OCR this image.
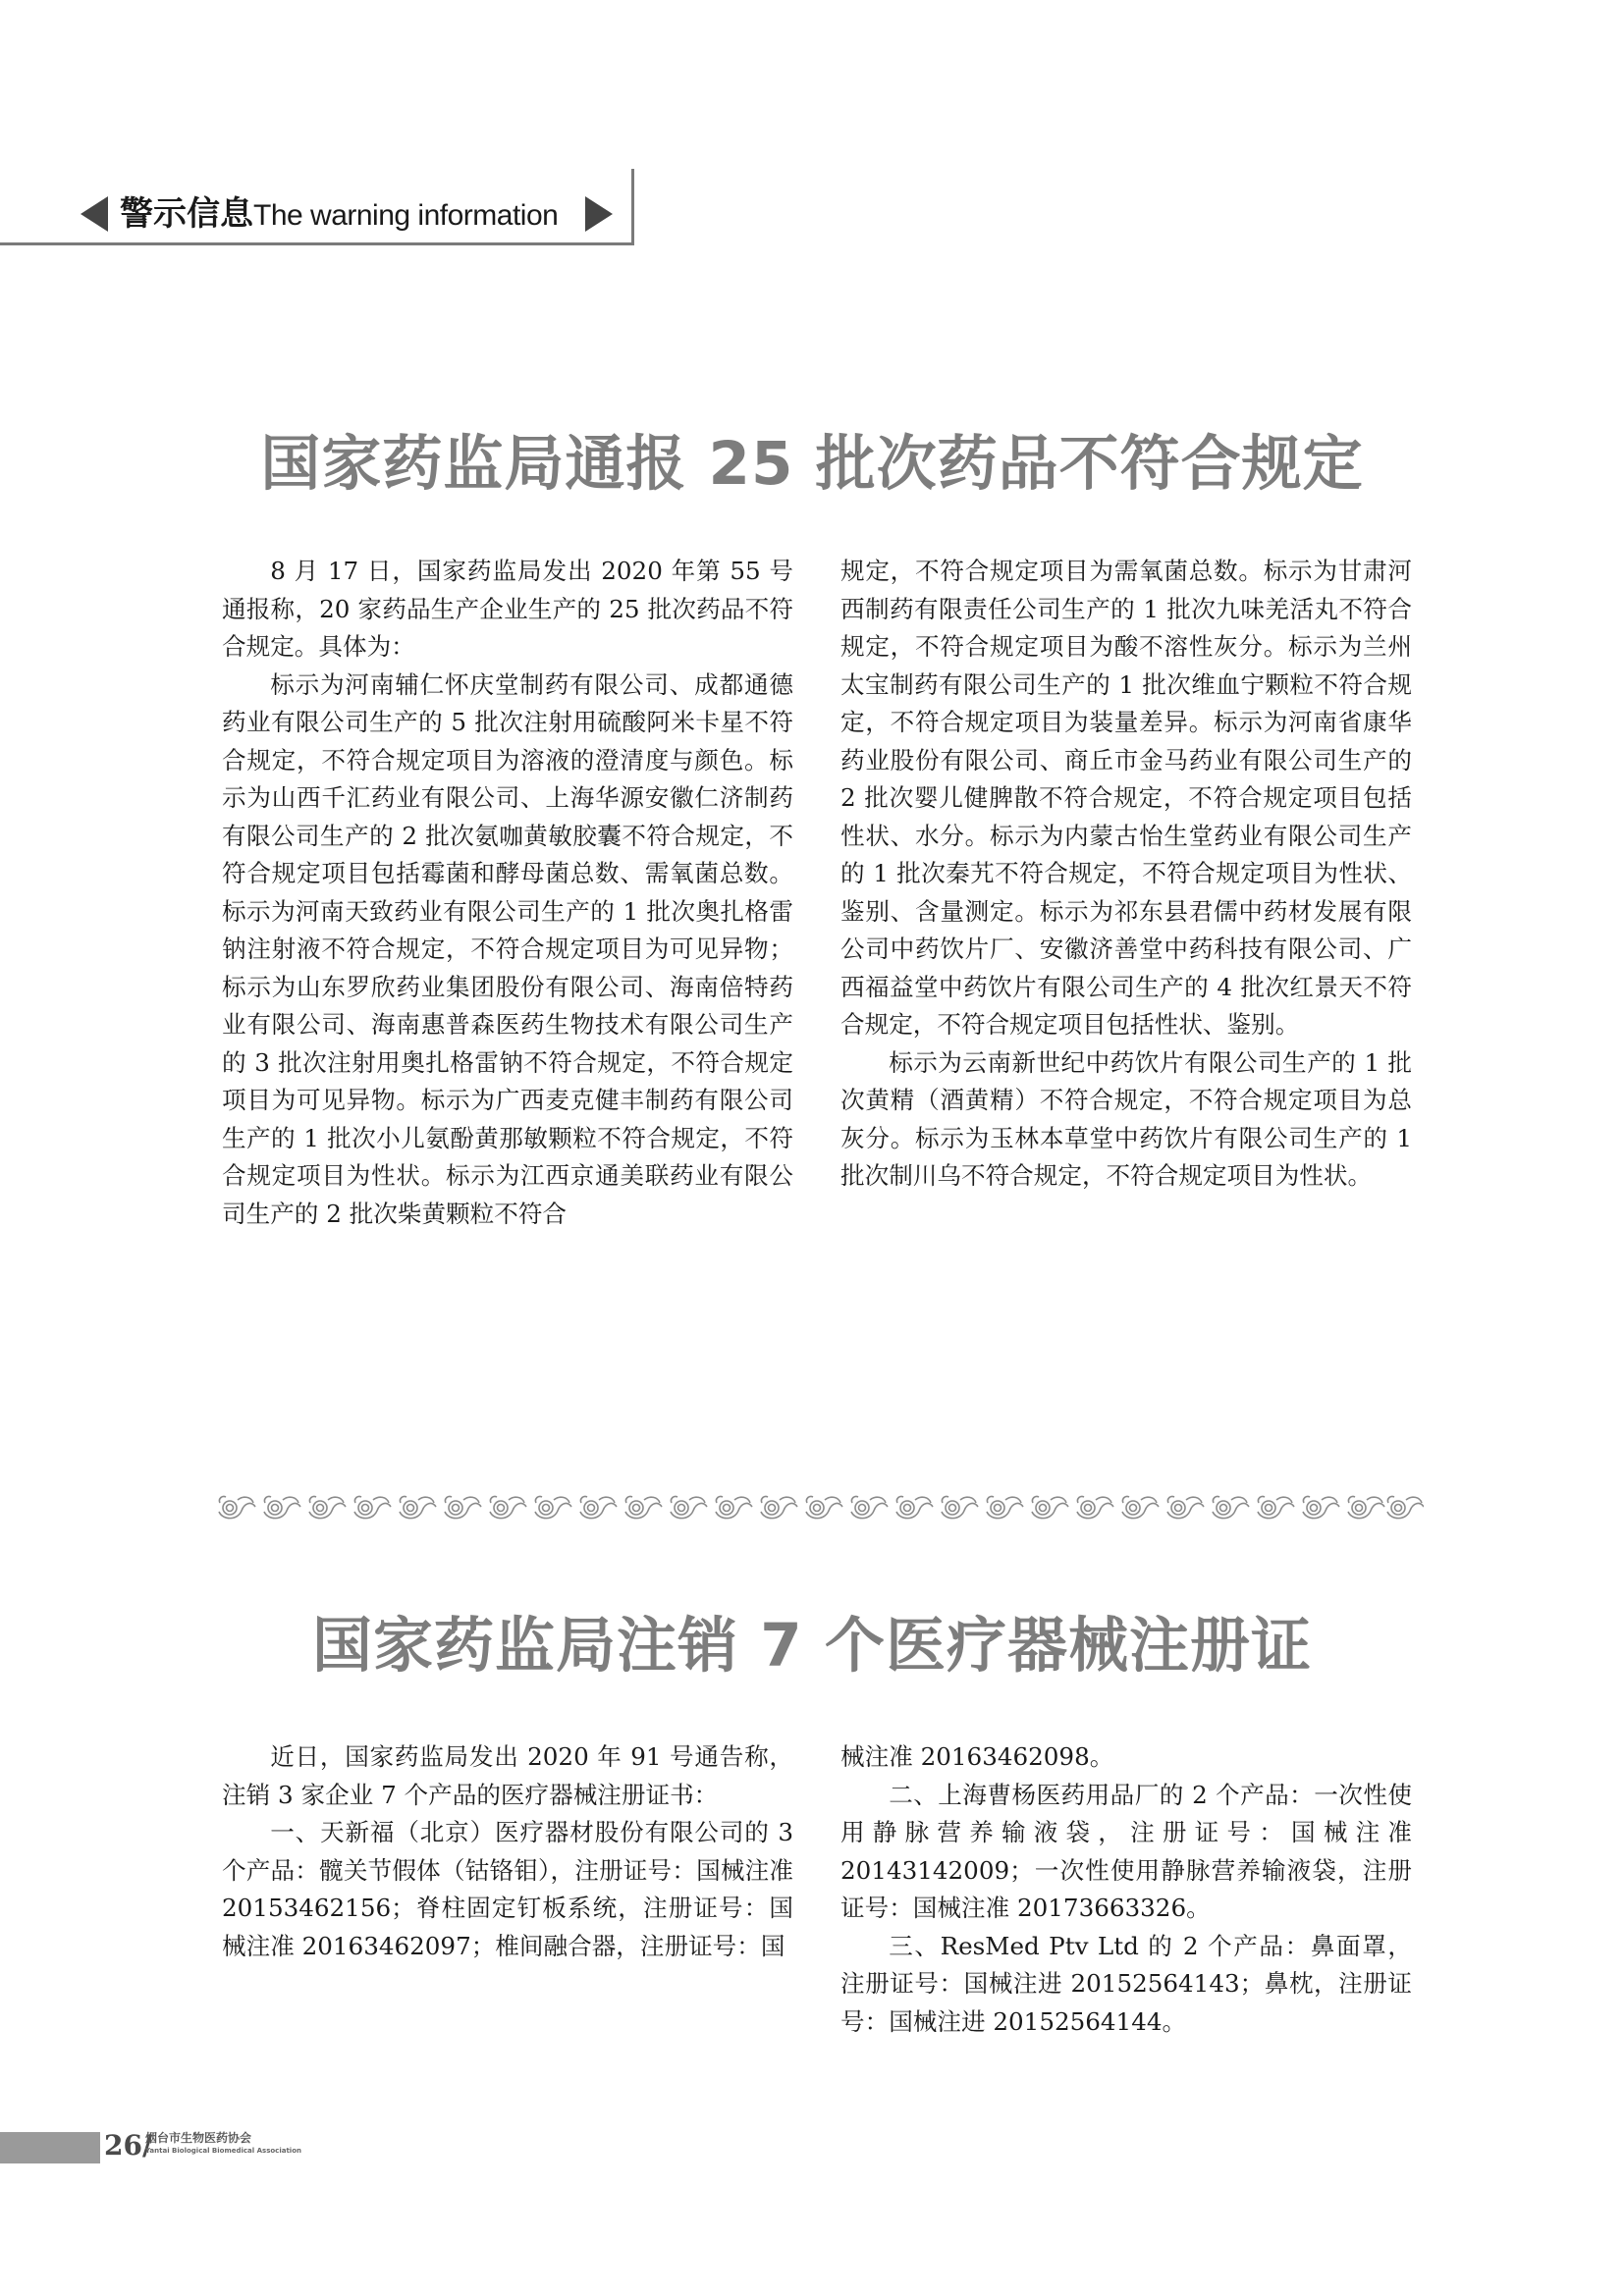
警示信息The warning information
国家药监局通报 25 批次药品不符合规定

8 月 17 日，国家药监局发出 2020 年第 55 号通报称，20 家药品生产企业生产的 25 批次药品不符合规定。具体为：

标示为河南辅仁怀庆堂制药有限公司、成都通德药业有限公司生产的 5 批次注射用硫酸阿米卡星不符合规定，不符合规定项目为溶液的澄清度与颜色。标示为山西千汇药业有限公司、上海华源安徽仁济制药有限公司生产的 2 批次氨咖黄敏胶囊不符合规定，不符合规定项目包括霉菌和酵母菌总数、需氧菌总数。标示为河南天致药业有限公司生产的 1 批次奥扎格雷钠注射液不符合规定，不符合规定项目为可见异物；标示为山东罗欣药业集团股份有限公司、海南倍特药业有限公司、海南惠普森医药生物技术有限公司生产的 3 批次注射用奥扎格雷钠不符合规定，不符合规定项目为可见异物。标示为广西麦克健丰制药有限公司生产的 1 批次小儿氨酚黄那敏颗粒不符合规定，不符合规定项目为性状。标示为江西京通美联药业有限公司生产的 2 批次柴黄颗粒不符合

规定，不符合规定项目为需氧菌总数。标示为甘肃河西制药有限责任公司生产的 1 批次九味羌活丸不符合规定，不符合规定项目为酸不溶性灰分。标示为兰州太宝制药有限公司生产的 1 批次维血宁颗粒不符合规定，不符合规定项目为装量差异。标示为河南省康华药业股份有限公司、商丘市金马药业有限公司生产的 2 批次婴儿健脾散不符合规定，不符合规定项目包括性状、水分。标示为内蒙古怡生堂药业有限公司生产的 1 批次秦艽不符合规定，不符合规定项目为性状、鉴别、含量测定。标示为祁东县君儒中药材发展有限公司中药饮片厂、安徽济善堂中药科技有限公司、广西福益堂中药饮片有限公司生产的 4 批次红景天不符合规定，不符合规定项目包括性状、鉴别。

标示为云南新世纪中药饮片有限公司生产的 1 批次黄精（酒黄精）不符合规定，不符合规定项目为总灰分。标示为玉林本草堂中药饮片有限公司生产的 1 批次制川乌不符合规定，不符合规定项目为性状。

国家药监局注销 7 个医疗器械注册证

近日，国家药监局发出 2020 年 91 号通告称，注销 3 家企业 7 个产品的医疗器械注册证书：

一、天新福（北京）医疗器材股份有限公司的 3 个产品：髋关节假体（钴铬钼），注册证号：国械注准 20153462156；脊柱固定钉板系统，注册证号：国械注准 20163462097；椎间融合器，注册证号：国

械注准 20163462098。

二、上海曹杨医药用品厂的 2 个产品：一次性使用静脉营养输液袋，注册证号：国械注准 20143142009；一次性使用静脉营养输液袋，注册证号：国械注准 20173663326。

三、ResMed Ptv Ltd 的 2 个产品：鼻面罩，注册证号：国械注进 20152564143；鼻枕，注册证号：国械注进 20152564144。

26/
烟台市生物医药协会
Yantai Biological Biomedical Association
